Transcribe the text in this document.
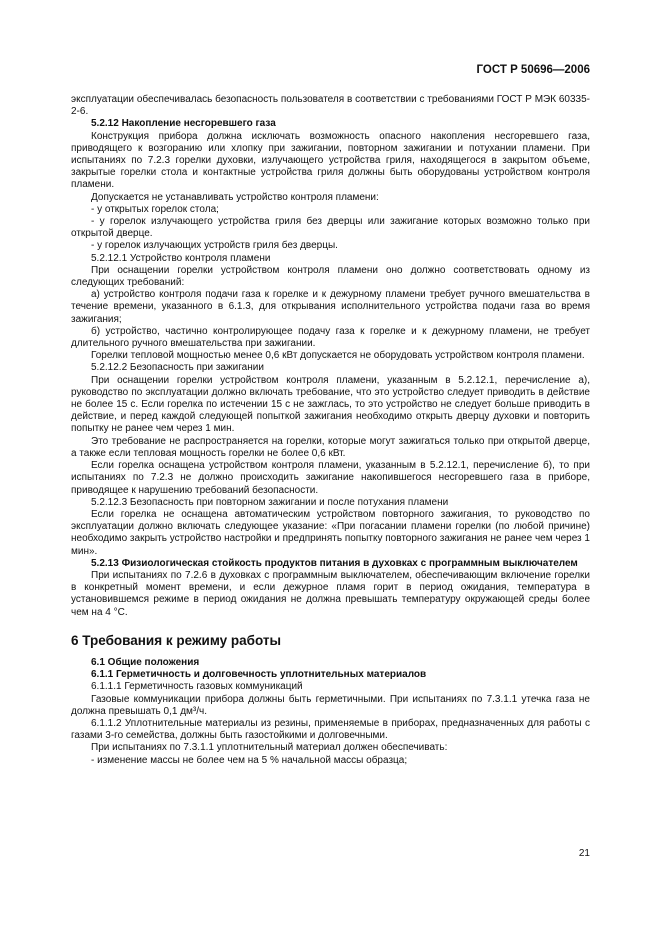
ГОСТ Р 50696—2006

эксплуатации обеспечивалась безопасность пользователя в соответствии с требованиями ГОСТ Р МЭК 60335-2-6.

5.2.12 Накопление несгоревшего газа

Конструкция прибора должна исключать возможность опасного накопления несгоревшего газа, приводящего к возгоранию или хлопку при зажигании, повторном зажигании и потухании пламени. При испытаниях по 7.2.3 горелки духовки, излучающего устройства гриля, находящегося в закрытом объеме, закрытые горелки стола и контактные устройства гриля должны быть оборудованы устройством контроля пламени.

Допускается не устанавливать устройство контроля пламени:

- у открытых горелок стола;

- у горелок излучающего устройства гриля без дверцы или зажигание которых возможно только при открытой дверце.

- у горелок излучающих устройств гриля без дверцы.

5.2.12.1 Устройство контроля пламени

При оснащении горелки устройством контроля пламени оно должно соответствовать одному из следующих требований:

а) устройство контроля подачи газа к горелке и к дежурному пламени требует ручного вмешательства в течение времени, указанного в 6.1.3, для открывания исполнительного устройства подачи газа во время зажигания;

б) устройство, частично контролирующее подачу газа к горелке и к дежурному пламени, не требует длительного ручного вмешательства при зажигании.

Горелки тепловой мощностью менее 0,6 кВт допускается не оборудовать устройством контроля пламени.

5.2.12.2 Безопасность при зажигании

При оснащении горелки устройством контроля пламени, указанным в 5.2.12.1, перечисление а), руководство по эксплуатации должно включать требование, что это устройство следует приводить в действие не более 15 с. Если горелка по истечении 15 с не зажглась, то это устройство не следует больше приводить в действие, и перед каждой следующей попыткой зажигания необходимо открыть дверцу духовки и повторить попытку не ранее чем через 1 мин.

Это требование не распространяется на горелки, которые могут зажигаться только при открытой дверце, а также если тепловая мощность горелки не более 0,6 кВт.

Если горелка оснащена устройством контроля пламени, указанным в 5.2.12.1, перечисление б), то при испытаниях по 7.2.3 не должно происходить зажигание накопившегося несгоревшего газа в приборе, приводящее к нарушению требований безопасности.

5.2.12.3 Безопасность при повторном зажигании и после потухания пламени

Если горелка не оснащена автоматическим устройством повторного зажигания, то руководство по эксплуатации должно включать следующее указание: «При погасании пламени горелки (по любой причине) необходимо закрыть устройство настройки и предпринять попытку повторного зажигания не ранее чем через 1 мин».

5.2.13 Физиологическая стойкость продуктов питания в духовках с программным выключателем

При испытаниях по 7.2.6 в духовках с программным выключателем, обеспечивающим включение горелки в конкретный момент времени, и если дежурное пламя горит в период ожидания, температура в установившемся режиме в период ожидания не должна превышать температуру окружающей среды более чем на 4 °С.

6 Требования к режиму работы

6.1 Общие положения

6.1.1 Герметичность и долговечность уплотнительных материалов

6.1.1.1 Герметичность газовых коммуникаций

Газовые коммуникации прибора должны быть герметичными. При испытаниях по 7.3.1.1 утечка газа не должна превышать 0,1 дм³/ч.

6.1.1.2 Уплотнительные материалы из резины, применяемые в приборах, предназначенных для работы с газами 3-го семейства, должны быть газостойкими и долговечными.

При испытаниях по 7.3.1.1 уплотнительный материал должен обеспечивать:

- изменение массы не более чем на 5 % начальной массы образца;

21
